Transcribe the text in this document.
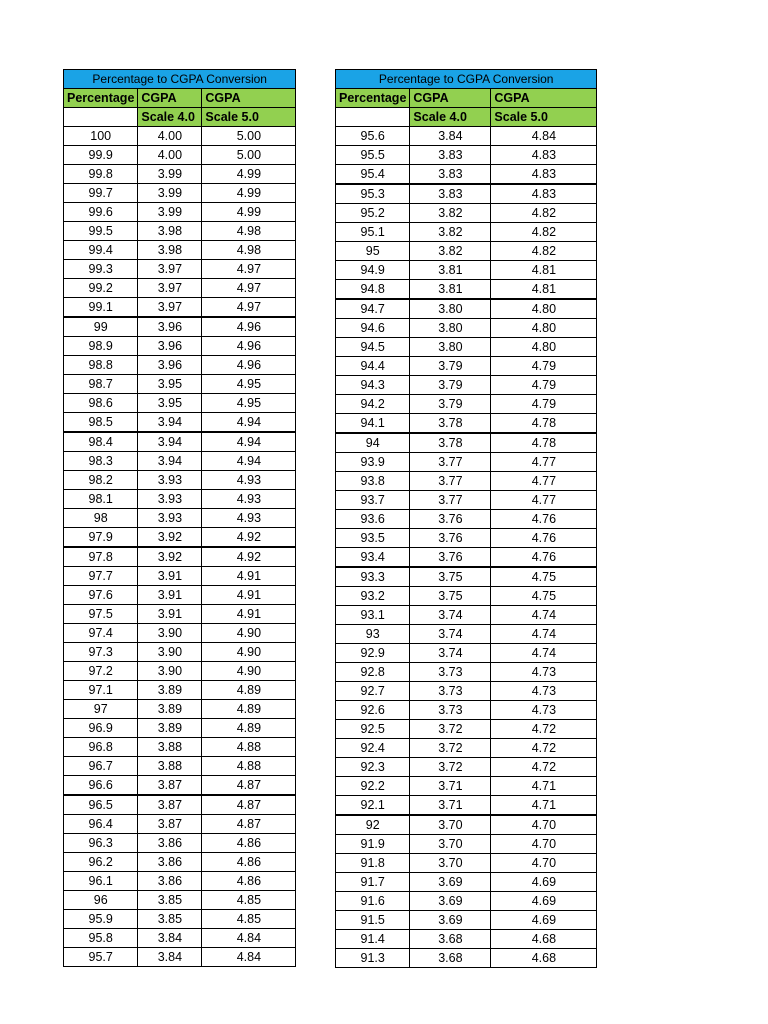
Percentage to CGPA Conversion		
Percentage	CGPA	CGPA
	Scale 4.0	Scale 5.0
100	4.00	5.00
99.9	4.00	5.00
99.8	3.99	4.99
99.7	3.99	4.99
99.6	3.99	4.99
99.5	3.98	4.98
99.4	3.98	4.98
99.3	3.97	4.97
99.2	3.97	4.97
99.1	3.97	4.97
99	3.96	4.96
98.9	3.96	4.96
98.8	3.96	4.96
98.7	3.95	4.95
98.6	3.95	4.95
98.5	3.94	4.94
98.4	3.94	4.94
98.3	3.94	4.94
98.2	3.93	4.93
98.1	3.93	4.93
98	3.93	4.93
97.9	3.92	4.92
97.8	3.92	4.92
97.7	3.91	4.91
97.6	3.91	4.91
97.5	3.91	4.91
97.4	3.90	4.90
97.3	3.90	4.90
97.2	3.90	4.90
97.1	3.89	4.89
97	3.89	4.89
96.9	3.89	4.89
96.8	3.88	4.88
96.7	3.88	4.88
96.6	3.87	4.87
96.5	3.87	4.87
96.4	3.87	4.87
96.3	3.86	4.86
96.2	3.86	4.86
96.1	3.86	4.86
96	3.85	4.85
95.9	3.85	4.85
95.8	3.84	4.84
95.7	3.84	4.84
Percentage to CGPA Conversion		
Percentage	CGPA	CGPA
	Scale 4.0	Scale 5.0
95.6	3.84	4.84
95.5	3.83	4.83
95.4	3.83	4.83
95.3	3.83	4.83
95.2	3.82	4.82
95.1	3.82	4.82
95	3.82	4.82
94.9	3.81	4.81
94.8	3.81	4.81
94.7	3.80	4.80
94.6	3.80	4.80
94.5	3.80	4.80
94.4	3.79	4.79
94.3	3.79	4.79
94.2	3.79	4.79
94.1	3.78	4.78
94	3.78	4.78
93.9	3.77	4.77
93.8	3.77	4.77
93.7	3.77	4.77
93.6	3.76	4.76
93.5	3.76	4.76
93.4	3.76	4.76
93.3	3.75	4.75
93.2	3.75	4.75
93.1	3.74	4.74
93	3.74	4.74
92.9	3.74	4.74
92.8	3.73	4.73
92.7	3.73	4.73
92.6	3.73	4.73
92.5	3.72	4.72
92.4	3.72	4.72
92.3	3.72	4.72
92.2	3.71	4.71
92.1	3.71	4.71
92	3.70	4.70
91.9	3.70	4.70
91.8	3.70	4.70
91.7	3.69	4.69
91.6	3.69	4.69
91.5	3.69	4.69
91.4	3.68	4.68
91.3	3.68	4.68
